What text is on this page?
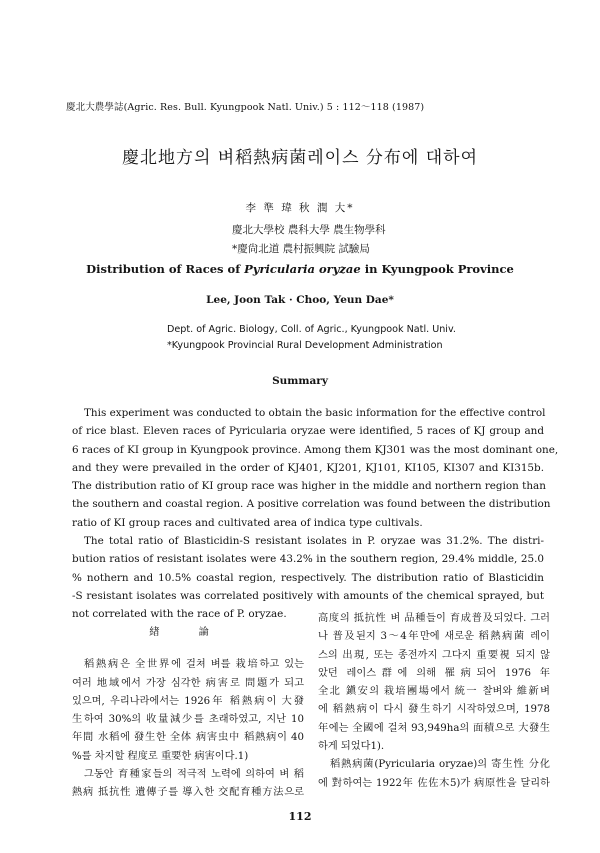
慶北大農學誌(Agric. Res. Bull. Kyungpook Natl. Univ.) 5 : 112～118 (1987)
慶北地方의 벼稻熱病菌레이스 分布에 대하여
李 準 瑋 秋 潤 大*
慶北大學校 農科大學 農生物學科
*慶尙北道 農村振興院 試驗局
Distribution of Races of Pyricularia oryzae in Kyungpook Province
Lee, Joon Tak · Choo, Yeun Dae*
Dept. of Agric. Biology, Coll. of Agric., Kyungpook Natl. Univ.
*Kyungpook Provincial Rural Development Administration
Summary

This experiment was conducted to obtain the basic information for the effective control

of rice blast. Eleven races of Pyricularia oryzae were identified, 5 races of KJ group and

6 races of KI group in Kyungpook province. Among them KJ301 was the most dominant one,

and they were prevailed in the order of KJ401, KJ201, KJ101, KI105, KI307 and KI315b.

The distribution ratio of KI group race was higher in the middle and northern region than

the southern and coastal region. A positive correlation was found between the distribution

ratio of KI group races and cultivated area of indica type cultivals.

The total ratio of Blasticidin-S resistant isolates in P. oryzae was 31.2%. The distri-

bution ratios of resistant isolates were 43.2% in the southern region, 29.4% middle, 25.0

% nothern and 10.5% coastal region, respectively. The distribution ratio of Blasticidin

-S resistant isolates was correlated positively with amounts of the chemical sprayed, but

not correlated with the race of P. oryzae.

緖 論

稻熱病은 全世界에 걸쳐 벼를 栽培하고 있는

여러 地域에서 가장 심각한 病害로 問題가 되고

있으며, 우리나라에서는 1926年 稻熱病이 大發

生하여 30%의 收量減少를 초래하였고, 지난 10

年間 水稻에 發生한 全体 病害虫中 稻熱病이 40

%를 차지할 程度로 重要한 病害이다.1)

그동안 育種家들의 적극적 노력에 의하여 벼 稻

熱病 抵抗性 遺傳子를 導入한 交配育種方法으로

高度의 抵抗性 벼 品種들이 育成普及되었다. 그러

나 普及된지 3～4年만에 새로운 稻熱病菌 레이

스의 出現, 또는 종전까지 그다지 重要視 되지 않

았던 레이스群에 의해 罹病되어 1976 年

全北 鎭安의 栽培團場에서 統一 찰벼와 維新벼

에 稻熱病이 다시 發生하기 시작하였으며, 1978

年에는 全國에 걸쳐 93,949ha의 面積으로 大發生

하게 되었다1).

稻熱病菌(Pyricularia oryzae)의 寄生性 分化

에 對하여는 1922年 佐佐木5)가 病原性을 달리하

112
